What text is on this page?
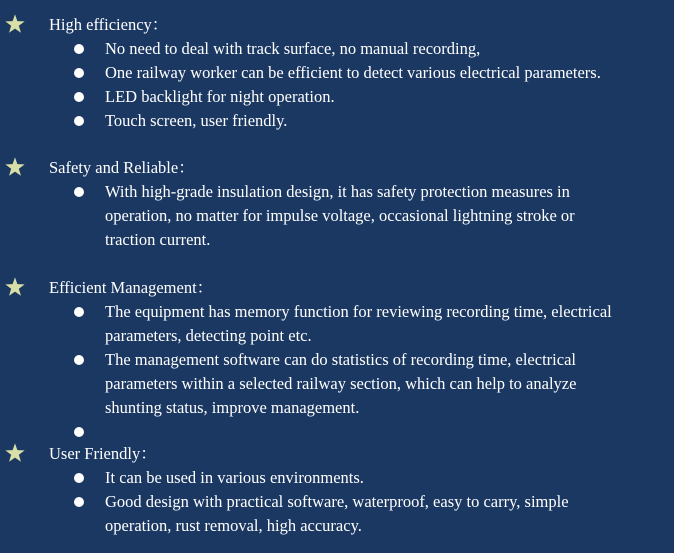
High efficiency：
No need to deal with track surface, no manual recording,
One railway worker can be efficient to detect various electrical parameters.
LED backlight for night operation.
Touch screen, user friendly.
Safety and Reliable：
With high-grade insulation design, it has safety protection measures in
operation, no matter for impulse voltage, occasional lightning stroke or
traction current.
Efficient Management：
The equipment has memory function for reviewing recording time, electrical
parameters, detecting point etc.
The management software can do statistics of recording time, electrical
parameters within a selected railway section, which can help to analyze
shunting status, improve management.
User Friendly：
It can be used in various environments.
Good design with practical software, waterproof, easy to carry, simple
operation, rust removal, high accuracy.
